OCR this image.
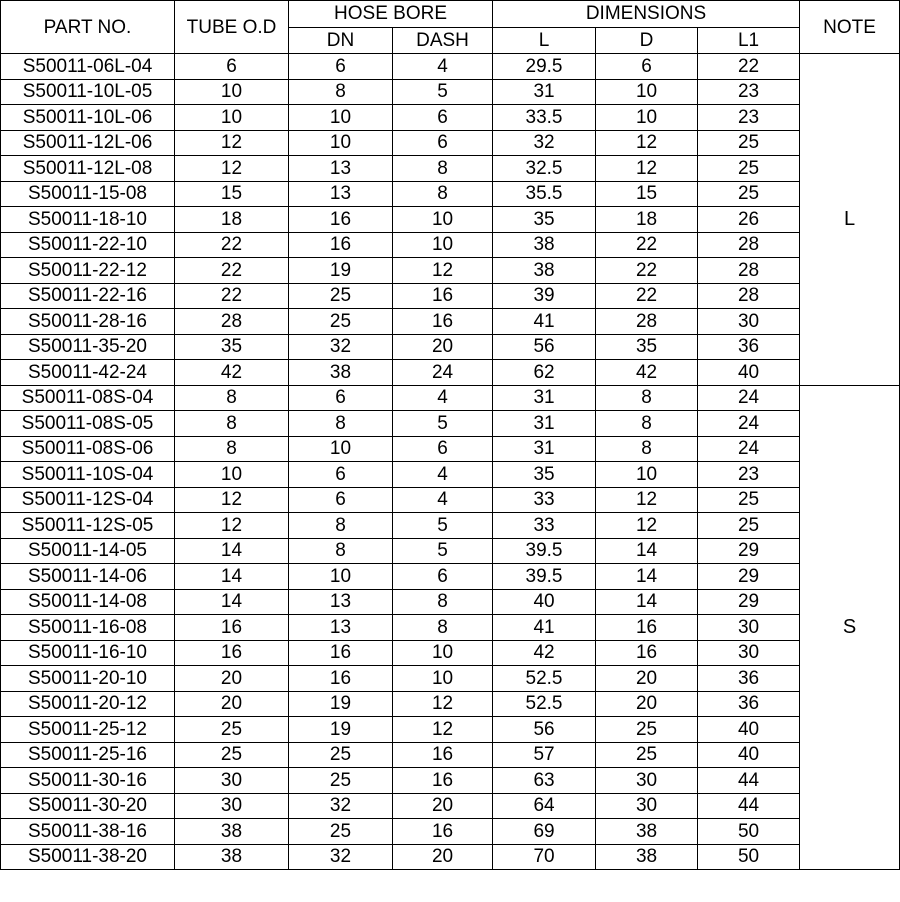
PART NO.	TUBE O.D	HOSE BORE		DIMENSIONS			NOTE
		DN	DASH	L	D	L1	
S50011-06L-04	6	6	4	29.5	6	22	L
S50011-10L-05	10	8	5	31	10	23	
S50011-10L-06	10	10	6	33.5	10	23	
S50011-12L-06	12	10	6	32	12	25	
S50011-12L-08	12	13	8	32.5	12	25	
S50011-15-08	15	13	8	35.5	15	25	
S50011-18-10	18	16	10	35	18	26	
S50011-22-10	22	16	10	38	22	28	
S50011-22-12	22	19	12	38	22	28	
S50011-22-16	22	25	16	39	22	28	
S50011-28-16	28	25	16	41	28	30	
S50011-35-20	35	32	20	56	35	36	
S50011-42-24	42	38	24	62	42	40	
S50011-08S-04	8	6	4	31	8	24	S
S50011-08S-05	8	8	5	31	8	24	
S50011-08S-06	8	10	6	31	8	24	
S50011-10S-04	10	6	4	35	10	23	
S50011-12S-04	12	6	4	33	12	25	
S50011-12S-05	12	8	5	33	12	25	
S50011-14-05	14	8	5	39.5	14	29	
S50011-14-06	14	10	6	39.5	14	29	
S50011-14-08	14	13	8	40	14	29	
S50011-16-08	16	13	8	41	16	30	
S50011-16-10	16	16	10	42	16	30	
S50011-20-10	20	16	10	52.5	20	36	
S50011-20-12	20	19	12	52.5	20	36	
S50011-25-12	25	19	12	56	25	40	
S50011-25-16	25	25	16	57	25	40	
S50011-30-16	30	25	16	63	30	44	
S50011-30-20	30	32	20	64	30	44	
S50011-38-16	38	25	16	69	38	50	
S50011-38-20	38	32	20	70	38	50	
